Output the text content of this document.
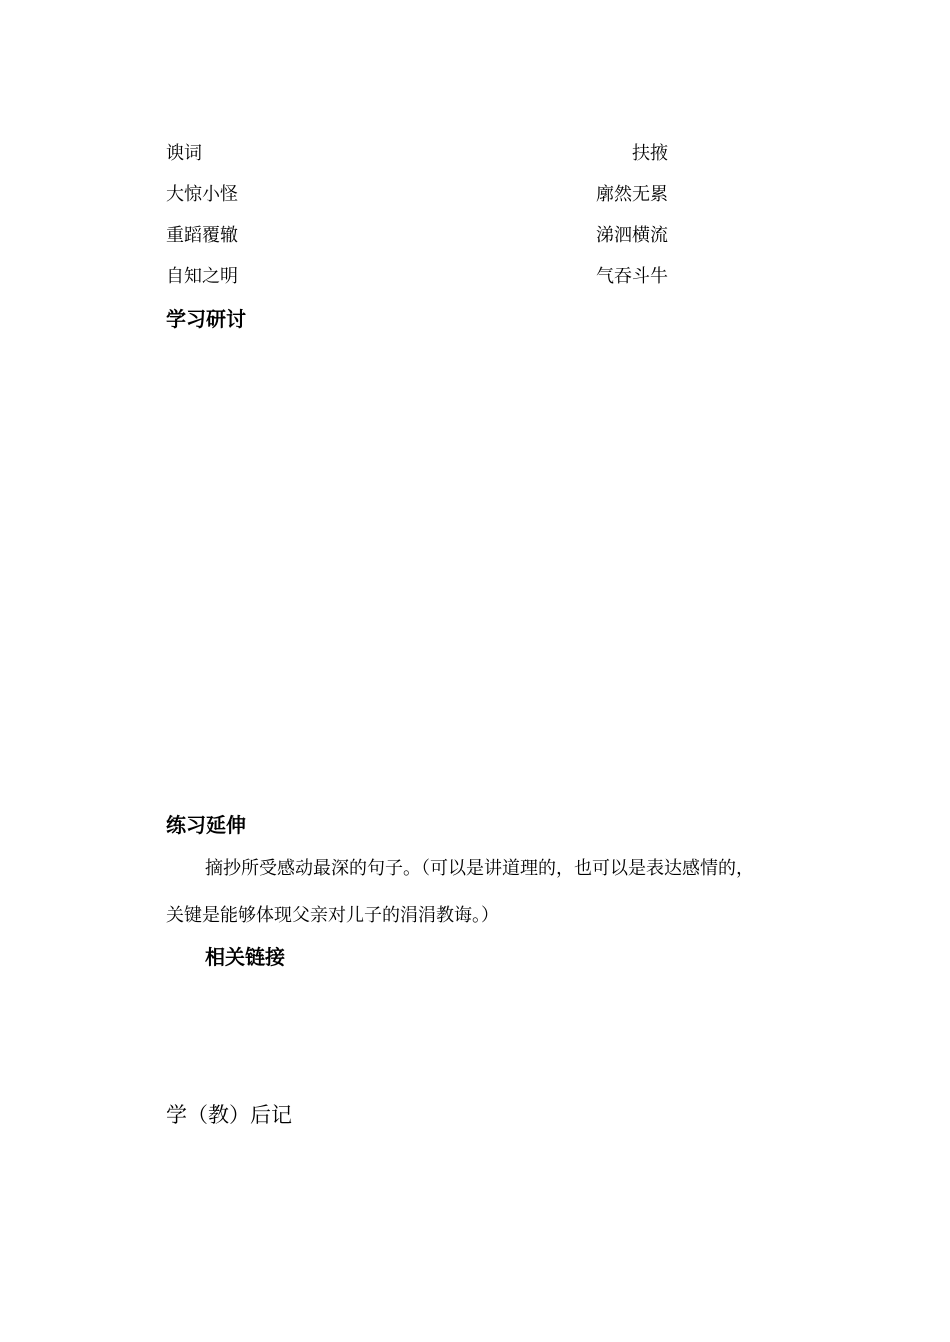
谀词	扶掖
大惊小怪	廓然无累
重蹈覆辙	涕泗横流
自知之明	气吞斗牛
学习研讨
练习延伸
摘抄所受感动最深的句子。（可以是讲道理的，也可以是表达感情的，
关键是能够体现父亲对儿子的涓涓教诲。）
相关链接
学（教）后记
